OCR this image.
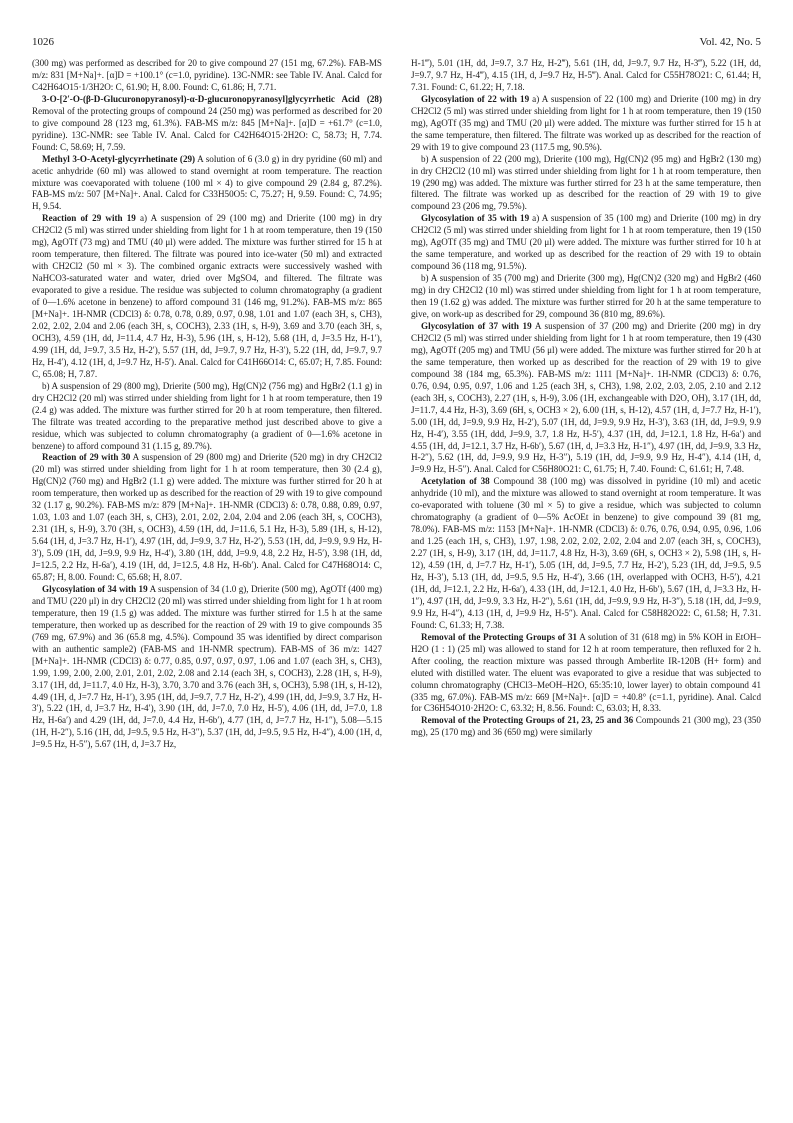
1026	Vol. 42, No. 5

(300 mg) was performed as described for 20 to give compound 27 (151 mg, 67.2%). FAB-MS m/z: 831 [M+Na]+. [α]D = +100.1° (c=1.0, pyridine). 13C-NMR: see Table IV. Anal. Calcd for C42H64O15·1/3H2O: C, 61.90; H, 8.00. Found: C, 61.86; H, 7.71.

3-O-[2′-O-(β-D-Glucuronopyranosyl)-α-D-glucuronopyranosyl]glycyrrhetic Acid (28) Removal of the protecting groups of compound 24 (250 mg) was performed as described for 20 to give compound 28 (123 mg, 61.3%). FAB-MS m/z: 845 [M+Na]+. [α]D = +61.7° (c=1.0, pyridine). 13C-NMR: see Table IV. Anal. Calcd for C42H64O15·2H2O: C, 58.73; H, 7.74. Found: C, 58.69; H, 7.59.

Methyl 3-O-Acetyl-glycyrrhetinate (29) A solution of 6 (3.0 g) in dry pyridine (60 ml) and acetic anhydride (60 ml) was allowed to stand overnight at room temperature. The reaction mixture was coevaporated with toluene (100 ml × 4) to give compound 29 (2.84 g, 87.2%). FAB-MS m/z: 507 [M+Na]+. Anal. Calcd for C33H50O5: C, 75.27; H, 9.59. Found: C, 74.95; H, 9.54.

Reaction of 29 with 19 a) A suspension of 29 (100 mg) and Drierite (100 mg) in dry CH2Cl2 (5 ml) was stirred under shielding from light for 1 h at room temperature, then 19 (150 mg), AgOTf (73 mg) and TMU (40 μl) were added. The mixture was further stirred for 15 h at room temperature, then filtered. The filtrate was poured into ice-water (50 ml) and extracted with CH2Cl2 (50 ml × 3). The combined organic extracts were successively washed with NaHCO3-saturated water and water, dried over MgSO4, and filtered. The filtrate was evaporated to give a residue. The residue was subjected to column chromatography (a gradient of 0—1.6% acetone in benzene) to afford compound 31 (146 mg, 91.2%). FAB-MS m/z: 865 [M+Na]+. 1H-NMR (CDCl3) δ: 0.78, 0.78, 0.89, 0.97, 0.98, 1.01 and 1.07 (each 3H, s, CH3), 2.02, 2.02, 2.04 and 2.06 (each 3H, s, COCH3), 2.33 (1H, s, H-9), 3.69 and 3.70 (each 3H, s, OCH3), 4.59 (1H, dd, J=11.4, 4.7 Hz, H-3), 5.96 (1H, s, H-12), 5.68 (1H, d, J=3.5 Hz, H-1′), 4.99 (1H, dd, J=9.7, 3.5 Hz, H-2′), 5.57 (1H, dd, J=9.7, 9.7 Hz, H-3′), 5.22 (1H, dd, J=9.7, 9.7 Hz, H-4′), 4.12 (1H, d, J=9.7 Hz, H-5′). Anal. Calcd for C41H66O14: C, 65.07; H, 7.85. Found: C, 65.08; H, 7.87.

b) A suspension of 29 (800 mg), Drierite (500 mg), Hg(CN)2 (756 mg) and HgBr2 (1.1 g) in dry CH2Cl2 (20 ml) was stirred under shielding from light for 1 h at room temperature, then 19 (2.4 g) was added. The mixture was further stirred for 20 h at room temperature, then filtered. The filtrate was treated according to the preparative method just described above to give a residue, which was subjected to column chromatography (a gradient of 0—1.6% acetone in benzene) to afford compound 31 (1.15 g, 89.7%).

Reaction of 29 with 30 A suspension of 29 (800 mg) and Drierite (520 mg) in dry CH2Cl2 (20 ml) was stirred under shielding from light for 1 h at room temperature, then 30 (2.4 g), Hg(CN)2 (760 mg) and HgBr2 (1.1 g) were added. The mixture was further stirred for 20 h at room temperature, then worked up as described for the reaction of 29 with 19 to give compound 32 (1.17 g, 90.2%). FAB-MS m/z: 879 [M+Na]+. 1H-NMR (CDCl3) δ: 0.78, 0.88, 0.89, 0.97, 1.03, 1.03 and 1.07 (each 3H, s, CH3), 2.01, 2.02, 2.04, 2.04 and 2.06 (each 3H, s, COCH3), 2.31 (1H, s, H-9), 3.70 (3H, s, OCH3), 4.59 (1H, dd, J=11.6, 5.1 Hz, H-3), 5.89 (1H, s, H-12), 5.64 (1H, d, J=3.7 Hz, H-1′), 4.97 (1H, dd, J=9.9, 3.7 Hz, H-2′), 5.53 (1H, dd, J=9.9, 9.9 Hz, H-3′), 5.09 (1H, dd, J=9.9, 9.9 Hz, H-4′), 3.80 (1H, ddd, J=9.9, 4.8, 2.2 Hz, H-5′), 3.98 (1H, dd, J=12.5, 2.2 Hz, H-6a′), 4.19 (1H, dd, J=12.5, 4.8 Hz, H-6b′). Anal. Calcd for C47H68O14: C, 65.87; H, 8.00. Found: C, 65.68; H, 8.07.

Glycosylation of 34 with 19 A suspension of 34 (1.0 g), Drierite (500 mg), AgOTf (400 mg) and TMU (220 μl) in dry CH2Cl2 (20 ml) was stirred under shielding from light for 1 h at room temperature, then 19 (1.5 g) was added. The mixture was further stirred for 1.5 h at the same temperature, then worked up as described for the reaction of 29 with 19 to give compounds 35 (769 mg, 67.9%) and 36 (65.8 mg, 4.5%). Compound 35 was identified by direct comparison with an authentic sample2) (FAB-MS and 1H-NMR spectrum). FAB-MS of 36 m/z: 1427 [M+Na]+. 1H-NMR (CDCl3) δ: 0.77, 0.85, 0.97, 0.97, 0.97, 1.06 and 1.07 (each 3H, s, CH3), 1.99, 1.99, 2.00, 2.00, 2.01, 2.01, 2.02, 2.08 and 2.14 (each 3H, s, COCH3), 2.28 (1H, s, H-9), 3.17 (1H, dd, J=11.7, 4.0 Hz, H-3), 3.70, 3.70 and 3.76 (each 3H, s, OCH3), 5.98 (1H, s, H-12), 4.49 (1H, d, J=7.7 Hz, H-1′), 3.95 (1H, dd, J=9.7, 7.7 Hz, H-2′), 4.99 (1H, dd, J=9.9, 3.7 Hz, H-3′), 5.22 (1H, d, J=3.7 Hz, H-4′), 3.90 (1H, dd, J=7.0, 7.0 Hz, H-5′), 4.06 (1H, dd, J=7.0, 1.8 Hz, H-6a′) and 4.29 (1H, dd, J=7.0, 4.4 Hz, H-6b′), 4.77 (1H, d, J=7.7 Hz, H-1″), 5.08—5.15 (1H, H-2″), 5.16 (1H, dd, J=9.5, 9.5 Hz, H-3″), 5.37 (1H, dd, J=9.5, 9.5 Hz, H-4″), 4.00 (1H, d, J=9.5 Hz, H-5″), 5.67 (1H, d, J=3.7 Hz,

H-1‴), 5.01 (1H, dd, J=9.7, 3.7 Hz, H-2‴), 5.61 (1H, dd, J=9.7, 9.7 Hz, H-3‴), 5.22 (1H, dd, J=9.7, 9.7 Hz, H-4‴), 4.15 (1H, d, J=9.7 Hz, H-5‴). Anal. Calcd for C55H78O21: C, 61.44; H, 7.31. Found: C, 61.22; H, 7.18.

Glycosylation of 22 with 19 a) A suspension of 22 (100 mg) and Drierite (100 mg) in dry CH2Cl2 (5 ml) was stirred under shielding from light for 1 h at room temperature, then 19 (150 mg), AgOTf (35 mg) and TMU (20 μl) were added. The mixture was further stirred for 15 h at the same temperature, then filtered. The filtrate was worked up as described for the reaction of 29 with 19 to give compound 23 (117.5 mg, 90.5%).

b) A suspension of 22 (200 mg), Drierite (100 mg), Hg(CN)2 (95 mg) and HgBr2 (130 mg) in dry CH2Cl2 (10 ml) was stirred under shielding from light for 1 h at room temperature, then 19 (290 mg) was added. The mixture was further stirred for 23 h at the same temperature, then filtered. The filtrate was worked up as described for the reaction of 29 with 19 to give compound 23 (206 mg, 79.5%).

Glycosylation of 35 with 19 a) A suspension of 35 (100 mg) and Drierite (100 mg) in dry CH2Cl2 (5 ml) was stirred under shielding from light for 1 h at room temperature, then 19 (150 mg), AgOTf (35 mg) and TMU (20 μl) were added. The mixture was further stirred for 10 h at the same temperature, and worked up as described for the reaction of 29 with 19 to obtain compound 36 (118 mg, 91.5%).

b) A suspension of 35 (700 mg) and Drierite (300 mg), Hg(CN)2 (320 mg) and HgBr2 (460 mg) in dry CH2Cl2 (10 ml) was stirred under shielding from light for 1 h at room temperature, then 19 (1.62 g) was added. The mixture was further stirred for 20 h at the same temperature to give, on work-up as described for 29, compound 36 (810 mg, 89.6%).

Glycosylation of 37 with 19 A suspension of 37 (200 mg) and Drierite (200 mg) in dry CH2Cl2 (5 ml) was stirred under shielding from light for 1 h at room temperature, then 19 (430 mg), AgOTf (205 mg) and TMU (56 μl) were added. The mixture was further stirred for 20 h at the same temperature, then worked up as described for the reaction of 29 with 19 to give compound 38 (184 mg, 65.3%). FAB-MS m/z: 1111 [M+Na]+. 1H-NMR (CDCl3) δ: 0.76, 0.76, 0.94, 0.95, 0.97, 1.06 and 1.25 (each 3H, s, CH3), 1.98, 2.02, 2.03, 2.05, 2.10 and 2.12 (each 3H, s, COCH3), 2.27 (1H, s, H-9), 3.06 (1H, exchangeable with D2O, OH), 3.17 (1H, dd, J=11.7, 4.4 Hz, H-3), 3.69 (6H, s, OCH3 × 2), 6.00 (1H, s, H-12), 4.57 (1H, d, J=7.7 Hz, H-1′), 5.00 (1H, dd, J=9.9, 9.9 Hz, H-2′), 5.07 (1H, dd, J=9.9, 9.9 Hz, H-3′), 3.63 (1H, dd, J=9.9, 9.9 Hz, H-4′), 3.55 (1H, ddd, J=9.9, 3.7, 1.8 Hz, H-5′), 4.37 (1H, dd, J=12.1, 1.8 Hz, H-6a′) and 4.55 (1H, dd, J=12.1, 3.7 Hz, H-6b′), 5.67 (1H, d, J=3.3 Hz, H-1″), 4.97 (1H, dd, J=9.9, 3.3 Hz, H-2″), 5.62 (1H, dd, J=9.9, 9.9 Hz, H-3″), 5.19 (1H, dd, J=9.9, 9.9 Hz, H-4″), 4.14 (1H, d, J=9.9 Hz, H-5″). Anal. Calcd for C56H80O21: C, 61.75; H, 7.40. Found: C, 61.61; H, 7.48.

Acetylation of 38 Compound 38 (100 mg) was dissolved in pyridine (10 ml) and acetic anhydride (10 ml), and the mixture was allowed to stand overnight at room temperature. It was co-evaporated with toluene (30 ml × 5) to give a residue, which was subjected to column chromatography (a gradient of 0—5% AcOEt in benzene) to give compound 39 (81 mg, 78.0%). FAB-MS m/z: 1153 [M+Na]+. 1H-NMR (CDCl3) δ: 0.76, 0.76, 0.94, 0.95, 0.96, 1.06 and 1.25 (each 1H, s, CH3), 1.97, 1.98, 2.02, 2.02, 2.02, 2.04 and 2.07 (each 3H, s, COCH3), 2.27 (1H, s, H-9), 3.17 (1H, dd, J=11.7, 4.8 Hz, H-3), 3.69 (6H, s, OCH3 × 2), 5.98 (1H, s, H-12), 4.59 (1H, d, J=7.7 Hz, H-1′), 5.05 (1H, dd, J=9.5, 7.7 Hz, H-2′), 5.23 (1H, dd, J=9.5, 9.5 Hz, H-3′), 5.13 (1H, dd, J=9.5, 9.5 Hz, H-4′), 3.66 (1H, overlapped with OCH3, H-5′), 4.21 (1H, dd, J=12.1, 2.2 Hz, H-6a′), 4.33 (1H, dd, J=12.1, 4.0 Hz, H-6b′), 5.67 (1H, d, J=3.3 Hz, H-1″), 4.97 (1H, dd, J=9.9, 3.3 Hz, H-2″), 5.61 (1H, dd, J=9.9, 9.9 Hz, H-3″), 5.18 (1H, dd, J=9.9, 9.9 Hz, H-4″), 4.13 (1H, d, J=9.9 Hz, H-5″). Anal. Calcd for C58H82O22: C, 61.58; H, 7.31. Found: C, 61.33; H, 7.38.

Removal of the Protecting Groups of 31 A solution of 31 (618 mg) in 5% KOH in EtOH–H2O (1 : 1) (25 ml) was allowed to stand for 12 h at room temperature, then refluxed for 2 h. After cooling, the reaction mixture was passed through Amberlite IR-120B (H+ form) and eluted with distilled water. The eluent was evaporated to give a residue that was subjected to column chromatography (CHCl3–MeOH–H2O, 65:35:10, lower layer) to obtain compound 41 (335 mg, 67.0%). FAB-MS m/z: 669 [M+Na]+. [α]D = +40.8° (c=1.1, pyridine). Anal. Calcd for C36H54O10·2H2O: C, 63.32; H, 8.56. Found: C, 63.03; H, 8.33.

Removal of the Protecting Groups of 21, 23, 25 and 36 Compounds 21 (300 mg), 23 (350 mg), 25 (170 mg) and 36 (650 mg) were similarly
